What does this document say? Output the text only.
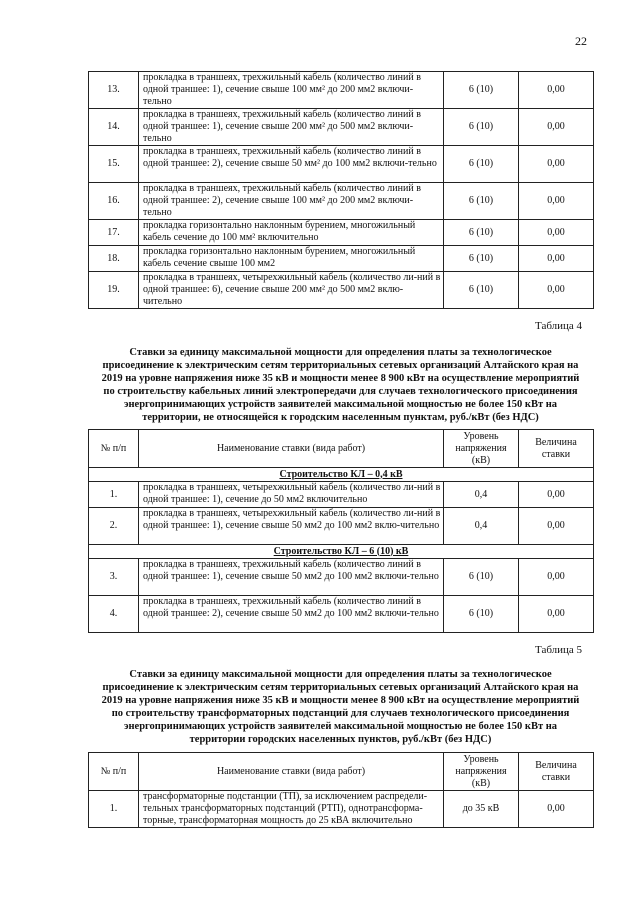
22
13.	прокладка в траншеях, трехжильный кабель (количество линий в одной траншее: 1), сечение свыше 100 мм² до 200 мм2 включи-тельно	6 (10)	0,00
14.	прокладка в траншеях, трехжильный кабель (количество линий в одной траншее: 1), сечение свыше 200 мм² до 500 мм2 включи-тельно	6 (10)	0,00
15.	прокладка в траншеях, трехжильный кабель (количество линий в одной траншее: 2), сечение свыше 50 мм² до 100 мм2 включи-тельно	6 (10)	0,00
16.	прокладка в траншеях, трехжильный кабель (количество линий в одной траншее: 2), сечение свыше 100 мм² до 200 мм2 включи-тельно	6 (10)	0,00
17.	прокладка горизонтально наклонным бурением, многожильный кабель сечение до 100 мм² включительно	6 (10)	0,00
18.	прокладка горизонтально наклонным бурением, многожильный кабель сечение свыше 100 мм2	6 (10)	0,00
19.	прокладка в траншеях, четырехжильный кабель (количество ли-ний в одной траншее: 6), сечение свыше 200 мм² до 500 мм2 вклю-чительно	6 (10)	0,00
Таблица 4
Ставки за единицу максимальной мощности для определения платы за технологическое присоединение к электрическим сетям территориальных сетевых организаций Алтайского края на 2019 на уровне напряжения ниже 35 кВ и мощности менее 8 900 кВт на осуществление мероприятий по строительству кабельных линий электропередачи для случаев технологического присоединения энергопринимающих устройств заявителей максимальной мощностью не более 150 кВт на территории, не относящейся к городским населенным пунктам, руб./кВт (без НДС)
№ п/п	Наименование ставки (вида работ)	Уровень напряжения (кВ)	Величина ставки
Строительство КЛ – 0,4 кВ			
1.	прокладка в траншеях, четырехжильный кабель (количество ли-ний в одной траншее: 1), сечение до 50 мм2 включительно	0,4	0,00
2.	прокладка в траншеях, четырехжильный кабель (количество ли-ний в одной траншее: 1), сечение свыше 50 мм2 до 100 мм2 вклю-чительно	0,4	0,00
Строительство КЛ – 6 (10) кВ			
3.	прокладка в траншеях, трехжильный кабель (количество линий в одной траншее: 1), сечение свыше 50 мм2 до 100 мм2 включи-тельно	6 (10)	0,00
4.	прокладка в траншеях, трехжильный кабель (количество линий в одной траншее: 2), сечение свыше 50 мм2 до 100 мм2 включи-тельно	6 (10)	0,00
Таблица 5
Ставки за единицу максимальной мощности для определения платы за технологическое присоединение к электрическим сетям территориальных сетевых организаций Алтайского края на 2019 на уровне напряжения ниже 35 кВ и мощности менее 8 900 кВт на осуществление мероприятий по строительству трансформаторных подстанций для случаев технологического присоединения энергопринимающих устройств заявителей максимальной мощностью не более 150 кВт на территории городских населенных пунктов, руб./кВт (без НДС)
№ п/п	Наименование ставки (вида работ)	Уровень напряжения (кВ)	Величина ставки
1.	трансформаторные подстанции (ТП), за исключением распредели-тельных трансформаторных подстанций (РТП), однотрансформа-торные, трансформаторная мощность до 25 кВА включительно	до 35 кВ	0,00
